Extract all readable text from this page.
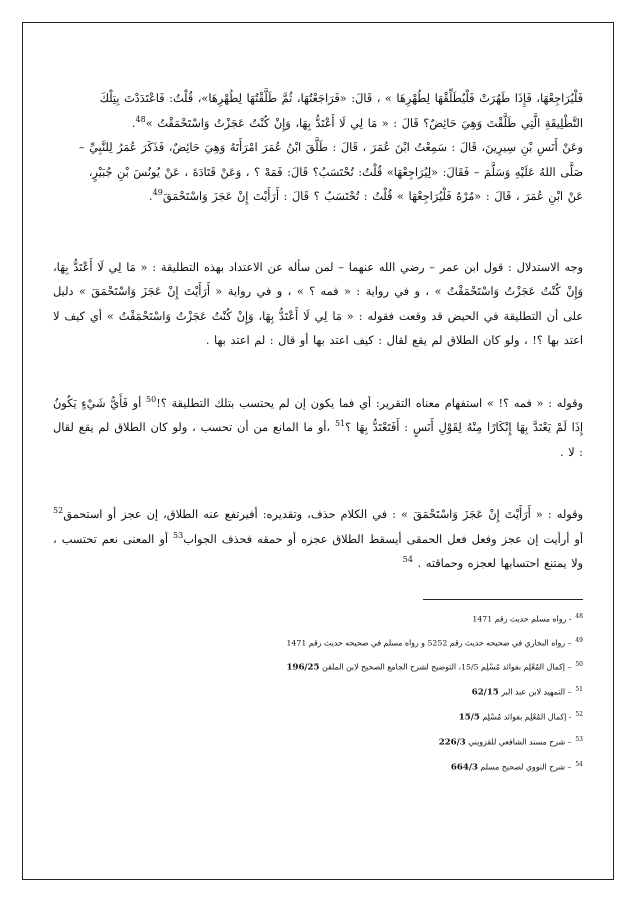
فَلْيُرَاجِعْهَا، فَإِذَا طَهُرَتْ فَلْيُطَلِّقْهَا لِطُهْرِهَا » ، قَالَ: «فَرَاجَعْتُهَا، ثُمَّ طَلَّقْتُهَا لِطُهْرِهَا»، قُلْتُ: فَاعْتَدَدْتَ بِتِلْكَ

التَّطْلِيقَةِ الَّتِي طَلَّقْتَ وَهِيَ حَائِضٌ؟ قَالَ : « مَا لِي لَا أَعْتَدُّ بِهَا، وَإِنْ كُنْتُ عَجَزْتُ وَاسْتَحْمَقْتُ »$^{48}$.

وعَنْ أَنَسِ بْنِ سِيرِينَ، قَالَ : سَمِعْتُ ابْنَ عُمَرَ ، قَالَ : طَلَّقَ ابْنُ عُمَرَ امْرَأَتَهُ وَهِيَ حَائِضٌ، فَذَكَرَ عُمَرُ لِلنَّبِيِّ –

صَلَّى اللهُ عَلَيْهِ وَسَلَّمَ – فَقَالَ: «لِيُرَاجِعْهَا» قُلْتُ: تُحْتَسَبُ؟ قَالَ: فَمَهْ ؟ ، وَعَنْ قَتَادَةَ ، عَنْ يُونُسَ بْنِ جُبَيْرٍ،

عَنْ ابْنِ عُمَرَ ، قَالَ : «مُرْهُ فَلْيُرَاجِعْهَا » قُلْتُ : تُحْتَسَبُ ؟ قَالَ : أَرَأَيْتَ إِنْ عَجَزَ وَاسْتَحْمَقَ$^{49}$.

وجه الاستدلال : قول ابن عمر – رضي الله عنهما – لمن سأله عن الاعتداد بهذه التطليقة : « مَا لِي لَا أَعْتَدُّ بِهَا، وَإِنْ كُنْتُ عَجَزْتُ وَاسْتَحْمَقْتُ » ، و في رواية : « فمه ؟ » ، و في رواية « أَرَأَيْتَ إِنْ عَجَزَ وَاسْتَحْمَقَ » دليل على أن التطليقة في الحيض قد وقعت فقوله : « مَا لِي لَا أَعْتَدُّ بِهَا، وَإِنْ كُنْتُ عَجَزْتُ وَاسْتَحْمَقْتُ » أي كيف لا اعتد بها ؟! ، ولو كان الطلاق لم يقع لقال : كيف اعتد بها أو قال : لم اعتد بها .

وقوله : « فمه ؟! » استفهام معناه التقرير: أي فما يكون إن لم يحتسب بتلك التطليقة ؟!$^{50}$ أو فَأَيُّ شَيْءٍ يَكُونُ إِذَا لَمْ يَعْتَدَّ بِهَا إِنْكَارًا مِنْهُ لِقَوْلِ أَنَسٍ : أَفَتَعْتَدُّ بِهَا ؟$^{51}$ ،أو ما المانع من أن تحسب ، ولو كان الطلاق لم يقع لقال : لا .

وقوله : « أَرَأَيْتَ إِنْ عَجَزَ وَاسْتَحْمَقَ » : في الكلام حذف، وتقديره: أفيرتفع عنه الطلاق، إن عجز أو استحمق$^{52}$ أو أرأيت إن عجز وفعل فعل الحمقى أيسقط الطلاق عجزه أو حمقه فحذف الجواب$^{53}$ أو المعنى نعم تحتسب ، ولا يمتنع احتسابها لعجزه وحماقته . $^{54}$

48- رواه مسلم حديث رقم 1471

49– رواه البخاري في صحيحه حديث رقم 5252 و رواه مسلم في صحيحه حديث رقم 1471

50– إكمال المُعْلِم بفوائد مُسْلِم 15/5، التوضيح لشرح الجامع الصحيح لابن الملقن 196/25

51– التمهيد لابن عبد البر 62/15

52- إكمال المُعْلِم بفوائد مُسْلِم 15/5

53– شرح مسند الشافعي للقزويني 226/3

54– شرح النووي لصحيح مسلم 664/3
